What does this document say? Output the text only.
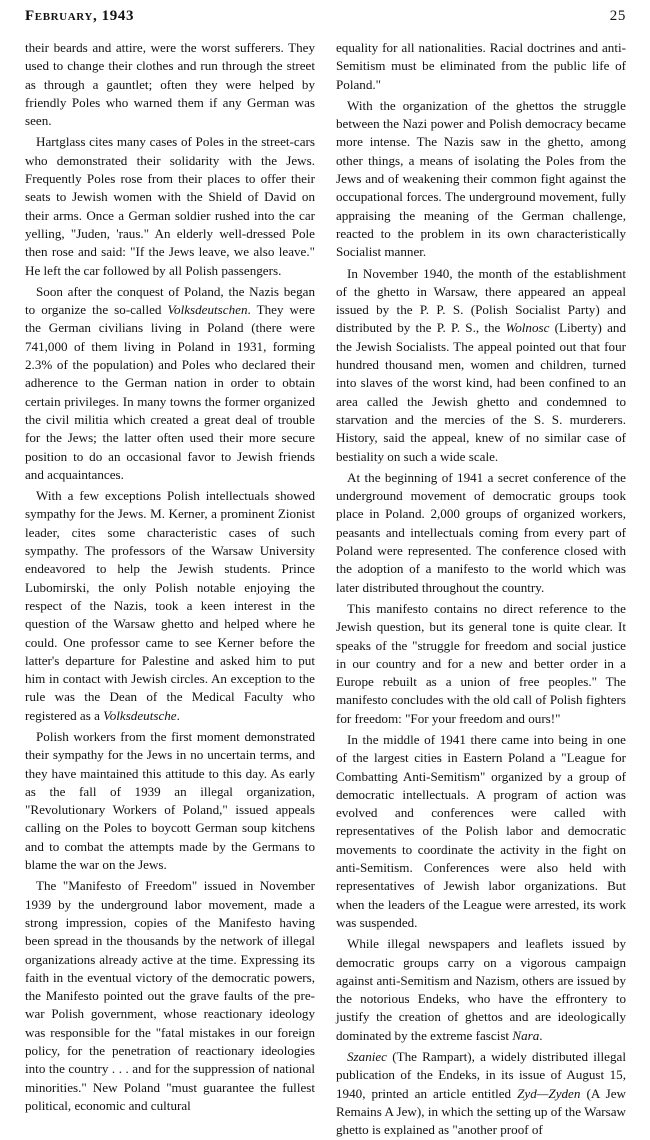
February, 1943	25

their beards and attire, were the worst sufferers. They used to change their clothes and run through the street as through a gauntlet; often they were helped by friendly Poles who warned them if any German was seen.

Hartglass cites many cases of Poles in the street-cars who demonstrated their solidarity with the Jews. Frequently Poles rose from their places to offer their seats to Jewish women with the Shield of David on their arms. Once a German soldier rushed into the car yelling, "Juden, 'raus." An elderly well-dressed Pole then rose and said: "If the Jews leave, we also leave." He left the car followed by all Polish passengers.

Soon after the conquest of Poland, the Nazis began to organize the so-called Volksdeutschen. They were the German civilians living in Poland (there were 741,000 of them living in Poland in 1931, forming 2.3% of the population) and Poles who declared their adherence to the German nation in order to obtain certain privileges. In many towns the former organized the civil militia which created a great deal of trouble for the Jews; the latter often used their more secure position to do an occasional favor to Jewish friends and acquaintances.

With a few exceptions Polish intellectuals showed sympathy for the Jews. M. Kerner, a prominent Zionist leader, cites some characteristic cases of such sympathy. The professors of the Warsaw University endeavored to help the Jewish students. Prince Lubomirski, the only Polish notable enjoying the respect of the Nazis, took a keen interest in the question of the Warsaw ghetto and helped where he could. One professor came to see Kerner before the latter's departure for Palestine and asked him to put him in contact with Jewish circles. An exception to the rule was the Dean of the Medical Faculty who registered as a Volksdeutsche.

Polish workers from the first moment demonstrated their sympathy for the Jews in no uncertain terms, and they have maintained this attitude to this day. As early as the fall of 1939 an illegal organization, "Revolutionary Workers of Poland," issued appeals calling on the Poles to boycott German soup kitchens and to combat the attempts made by the Germans to blame the war on the Jews.

The "Manifesto of Freedom" issued in November 1939 by the underground labor movement, made a strong impression, copies of the Manifesto having been spread in the thousands by the network of illegal organizations already active at the time. Expressing its faith in the eventual victory of the democratic powers, the Manifesto pointed out the grave faults of the pre-war Polish government, whose reactionary ideology was responsible for the "fatal mistakes in our foreign policy, for the penetration of reactionary ideologies into the country . . . and for the suppression of national minorities." New Poland "must guarantee the fullest political, economic and cultural

equality for all nationalities. Racial doctrines and anti-Semitism must be eliminated from the public life of Poland."

With the organization of the ghettos the struggle between the Nazi power and Polish democracy became more intense. The Nazis saw in the ghetto, among other things, a means of isolating the Poles from the Jews and of weakening their common fight against the occupational forces. The underground movement, fully appraising the meaning of the German challenge, reacted to the problem in its own characteristically Socialist manner.

In November 1940, the month of the establishment of the ghetto in Warsaw, there appeared an appeal issued by the P. P. S. (Polish Socialist Party) and distributed by the P. P. S., the Wolnosc (Liberty) and the Jewish Socialists. The appeal pointed out that four hundred thousand men, women and children, turned into slaves of the worst kind, had been confined to an area called the Jewish ghetto and condemned to starvation and the mercies of the S. S. murderers. History, said the appeal, knew of no similar case of bestiality on such a wide scale.

At the beginning of 1941 a secret conference of the underground movement of democratic groups took place in Poland. 2,000 groups of organized workers, peasants and intellectuals coming from every part of Poland were represented. The conference closed with the adoption of a manifesto to the world which was later distributed throughout the country.

This manifesto contains no direct reference to the Jewish question, but its general tone is quite clear. It speaks of the "struggle for freedom and social justice in our country and for a new and better order in a Europe rebuilt as a union of free peoples." The manifesto concludes with the old call of Polish fighters for freedom: "For your freedom and ours!"

In the middle of 1941 there came into being in one of the largest cities in Eastern Poland a "League for Combatting Anti-Semitism" organized by a group of democratic intellectuals. A program of action was evolved and conferences were called with representatives of the Polish labor and democratic movements to coordinate the activity in the fight on anti-Semitism. Conferences were also held with representatives of Jewish labor organizations. But when the leaders of the League were arrested, its work was suspended.

While illegal newspapers and leaflets issued by democratic groups carry on a vigorous campaign against anti-Semitism and Nazism, others are issued by the notorious Endeks, who have the effrontery to justify the creation of ghettos and are ideologically dominated by the extreme fascist Nara.

Szaniec (The Rampart), a widely distributed illegal publication of the Endeks, in its issue of August 15, 1940, printed an article entitled Zyd—Zyden (A Jew Remains A Jew), in which the setting up of the Warsaw ghetto is explained as "another proof of
